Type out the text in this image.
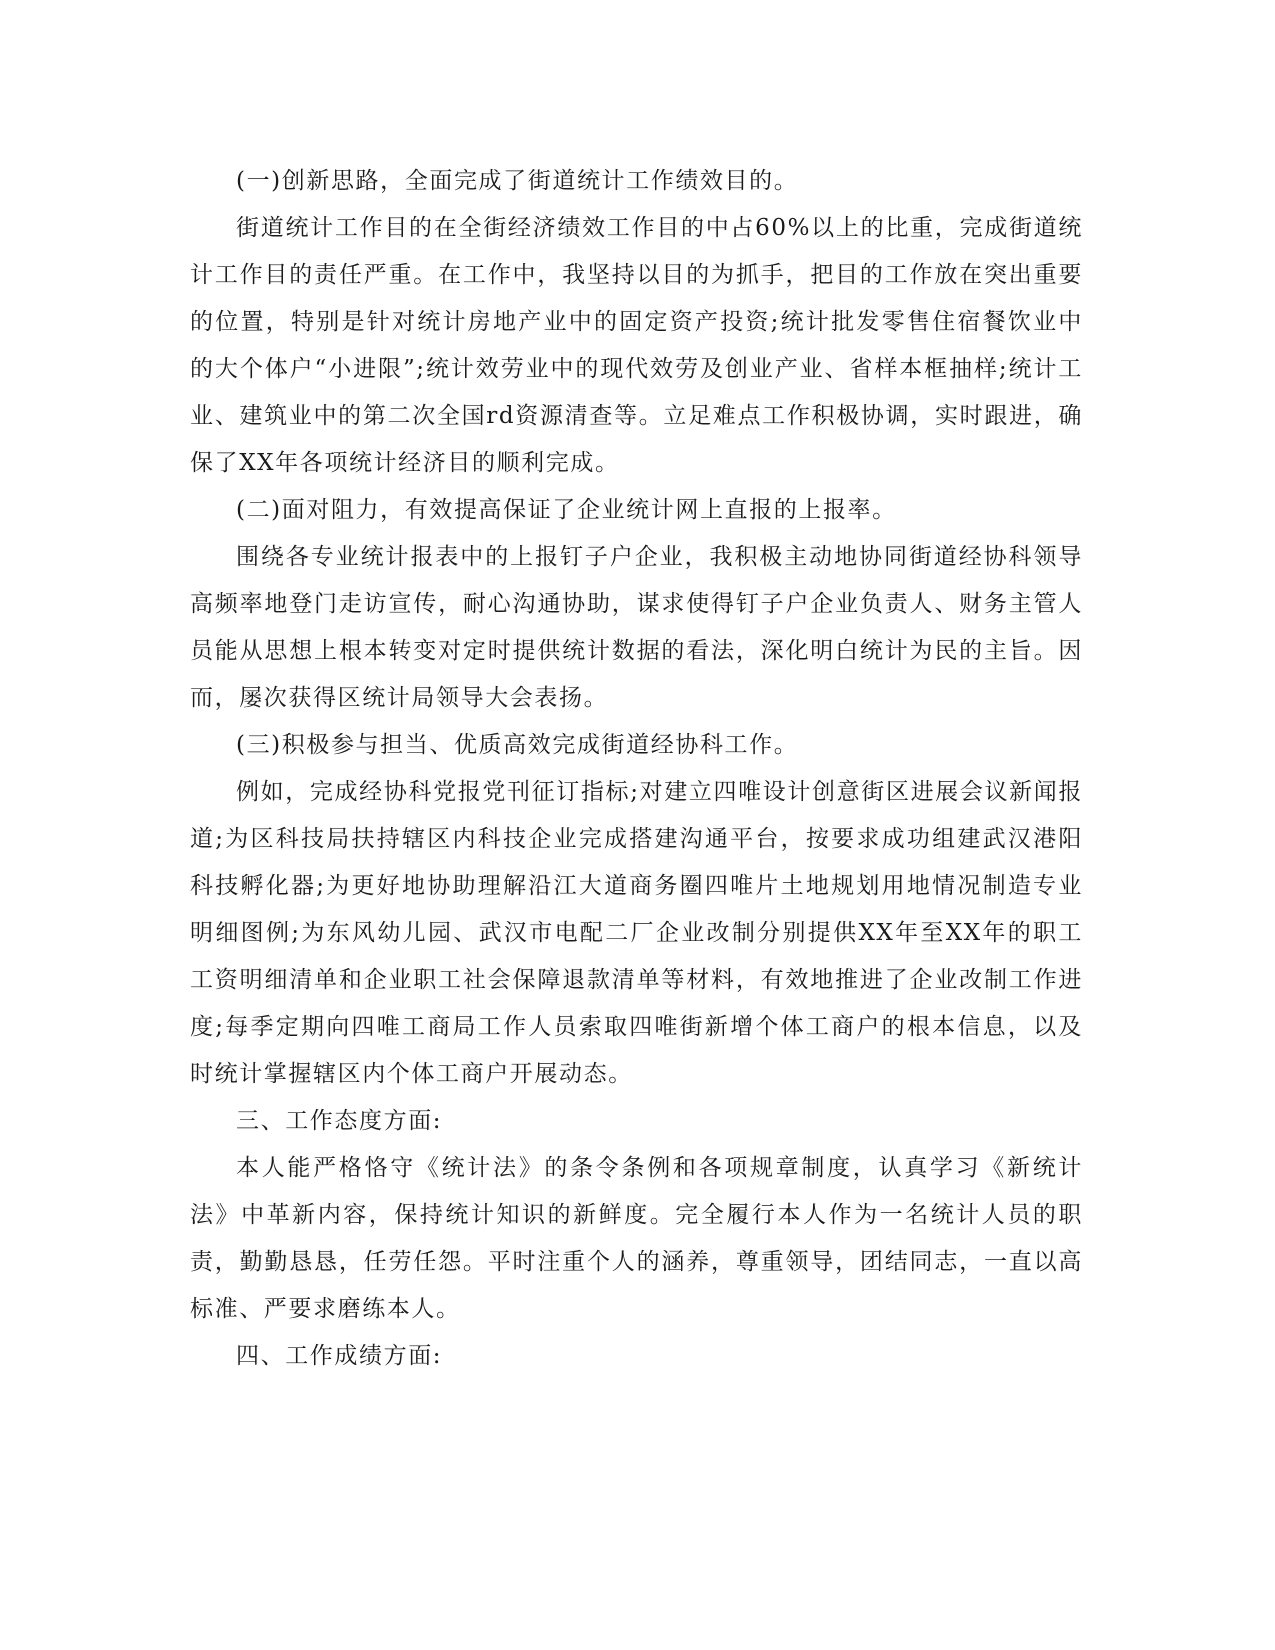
(一)创新思路，全面完成了街道统计工作绩效目的。

街道统计工作目的在全街经济绩效工作目的中占60%以上的比重，完成街道统计工作目的责任严重。在工作中，我坚持以目的为抓手，把目的工作放在突出重要的位置，特别是针对统计房地产业中的固定资产投资;统计批发零售住宿餐饮业中的大个体户“小进限”;统计效劳业中的现代效劳及创业产业、省样本框抽样;统计工业、建筑业中的第二次全国rd资源清查等。立足难点工作积极协调，实时跟进，确保了XX年各项统计经济目的顺利完成。

(二)面对阻力，有效提高保证了企业统计网上直报的上报率。

围绕各专业统计报表中的上报钉子户企业，我积极主动地协同街道经协科领导高频率地登门走访宣传，耐心沟通协助，谋求使得钉子户企业负责人、财务主管人员能从思想上根本转变对定时提供统计数据的看法，深化明白统计为民的主旨。因而，屡次获得区统计局领导大会表扬。

(三)积极参与担当、优质高效完成街道经协科工作。

例如，完成经协科党报党刊征订指标;对建立四唯设计创意街区进展会议新闻报道;为区科技局扶持辖区内科技企业完成搭建沟通平台，按要求成功组建武汉港阳科技孵化器;为更好地协助理解沿江大道商务圈四唯片土地规划用地情况制造专业明细图例;为东风幼儿园、武汉市电配二厂企业改制分别提供XX年至XX年的职工工资明细清单和企业职工社会保障退款清单等材料，有效地推进了企业改制工作进度;每季定期向四唯工商局工作人员索取四唯街新增个体工商户的根本信息，以及时统计掌握辖区内个体工商户开展动态。

三、工作态度方面:

本人能严格恪守《统计法》的条令条例和各项规章制度，认真学习《新统计法》中革新内容，保持统计知识的新鲜度。完全履行本人作为一名统计人员的职责，勤勤恳恳，任劳任怨。平时注重个人的涵养，尊重领导，团结同志，一直以高标准、严要求磨练本人。

四、工作成绩方面:
